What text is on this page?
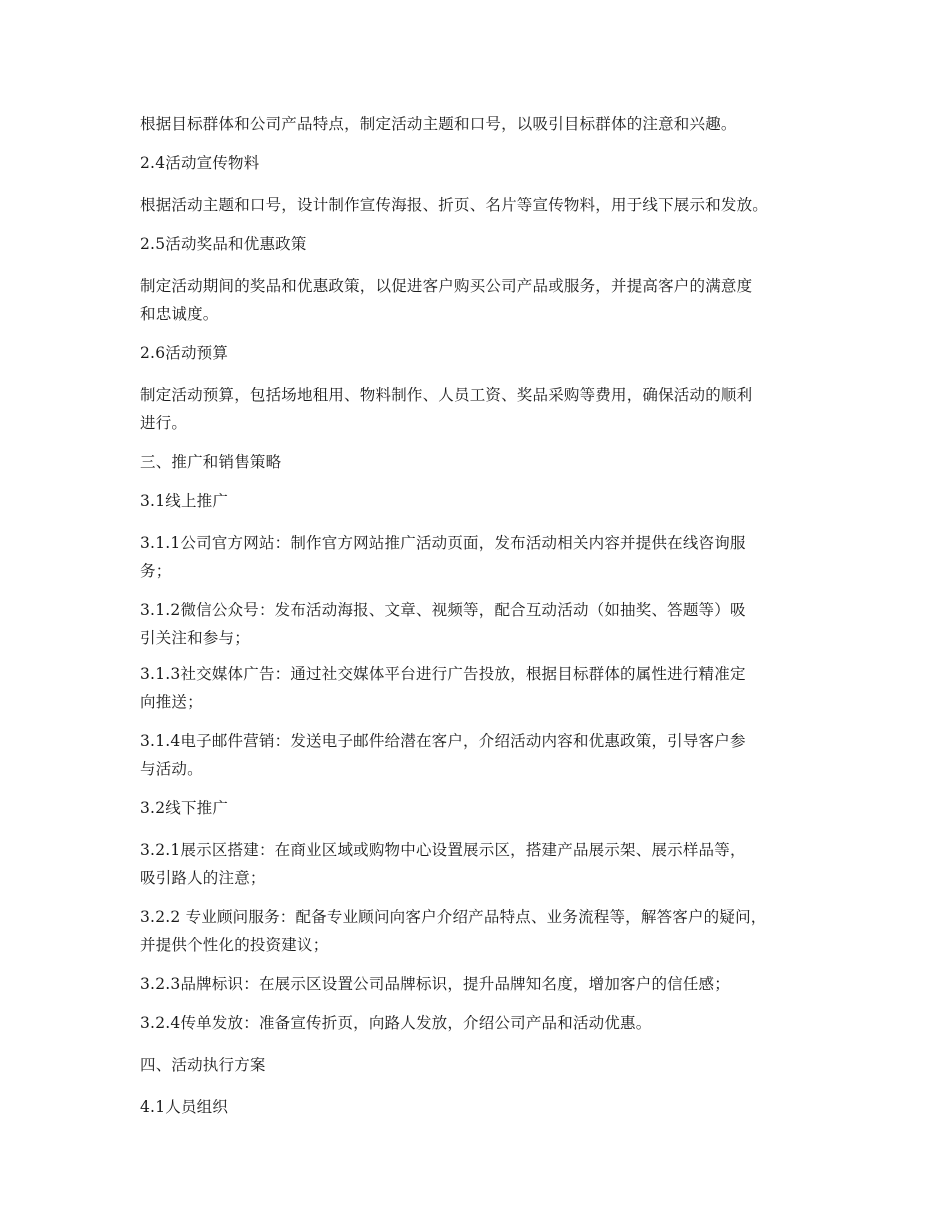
根据目标群体和公司产品特点，制定活动主题和口号，以吸引目标群体的注意和兴趣。

2.4活动宣传物料

根据活动主题和口号，设计制作宣传海报、折页、名片等宣传物料，用于线下展示和发放。

2.5活动奖品和优惠政策

制定活动期间的奖品和优惠政策，以促进客户购买公司产品或服务，并提高客户的满意度
和忠诚度。

2.6活动预算

制定活动预算，包括场地租用、物料制作、人员工资、奖品采购等费用，确保活动的顺利
进行。

三、推广和销售策略

3.1线上推广

3.1.1公司官方网站：制作官方网站推广活动页面，发布活动相关内容并提供在线咨询服
务；

3.1.2微信公众号：发布活动海报、文章、视频等，配合互动活动（如抽奖、答题等）吸
引关注和参与；

3.1.3社交媒体广告：通过社交媒体平台进行广告投放，根据目标群体的属性进行精准定
向推送；

3.1.4电子邮件营销：发送电子邮件给潜在客户，介绍活动内容和优惠政策，引导客户参
与活动。

3.2线下推广

3.2.1展示区搭建：在商业区域或购物中心设置展示区，搭建产品展示架、展示样品等，
吸引路人的注意；

3.2.2 专业顾问服务：配备专业顾问向客户介绍产品特点、业务流程等，解答客户的疑问，
并提供个性化的投资建议；

3.2.3品牌标识：在展示区设置公司品牌标识，提升品牌知名度，增加客户的信任感；

3.2.4传单发放：准备宣传折页，向路人发放，介绍公司产品和活动优惠。

四、活动执行方案

4.1人员组织
